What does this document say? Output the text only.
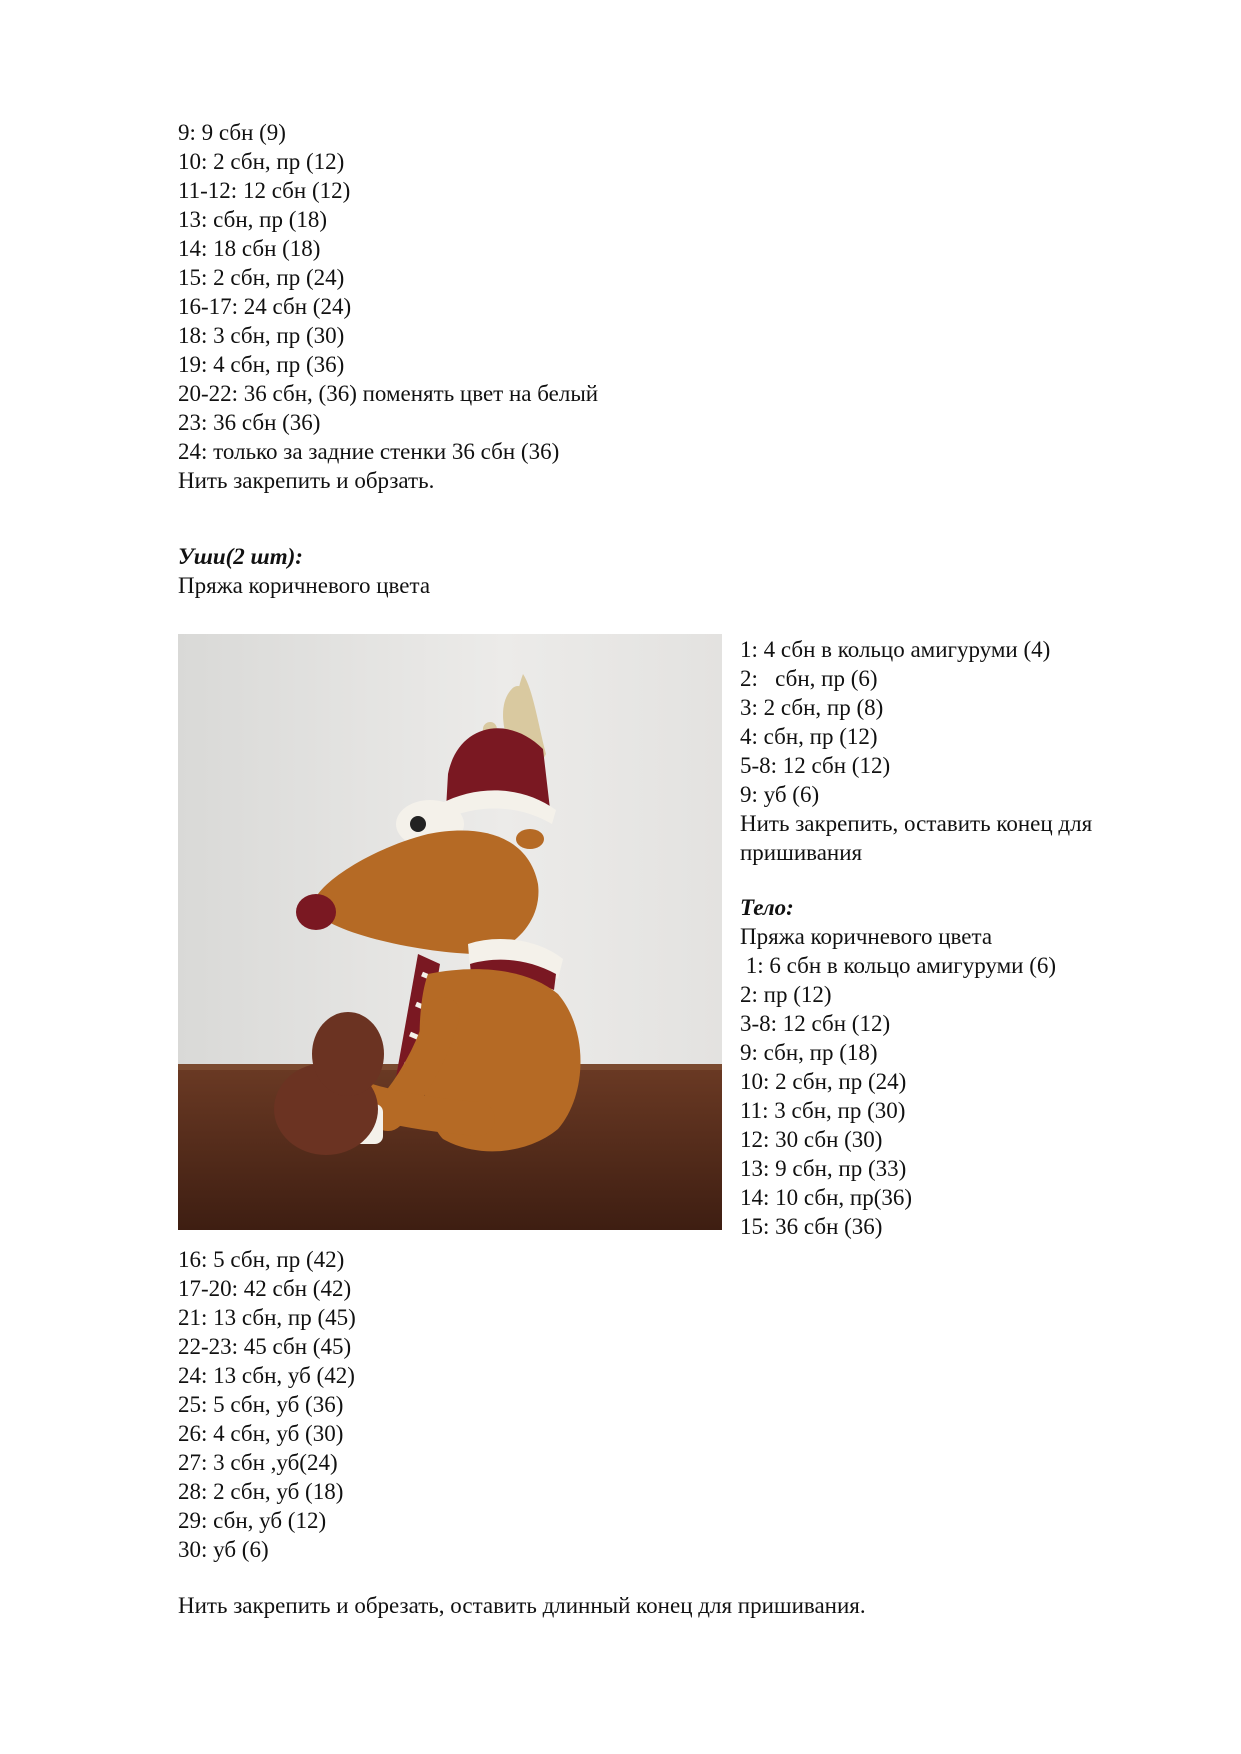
9: 9 сбн (9)
10: 2 сбн, пр (12)
11-12: 12 сбн (12)
13: сбн, пр (18)
14: 18 сбн (18)
15: 2 сбн, пр (24)
16-17: 24 сбн (24)
18: 3 сбн, пр (30)
19: 4 сбн, пр (36)
20-22: 36 сбн, (36) поменять цвет на белый
23: 36 сбн (36)
24: только за задние стенки 36 сбн (36)
Нить закрепить и обрзать.
Уши(2 шт):
Пряжа коричневого цвета
1: 4 сбн в кольцо амигуруми (4)
2:   сбн, пр (6)
3: 2 сбн, пр (8)
4: сбн, пр (12)
5-8: 12 сбн (12)
9: уб (6)
Нить закрепить, оставить конец для
пришивания
Тело:
Пряжа коричневого цвета
1: 6 сбн в кольцо амигуруми (6)
2: пр (12)
3-8: 12 сбн (12)
9: сбн, пр (18)
10: 2 сбн, пр (24)
11: 3 сбн, пр (30)
12: 30 сбн (30)
13: 9 сбн, пр (33)
14: 10 сбн, пр(36)
15: 36 сбн (36)
16: 5 сбн, пр (42)
17-20: 42 сбн (42)
21: 13 сбн, пр (45)
22-23: 45 сбн (45)
24: 13 сбн, уб (42)
25: 5 сбн, уб (36)
26: 4 сбн, уб (30)
27: 3 сбн ,уб(24)
28: 2 сбн, уб (18)
29: сбн, уб (12)
30: уб (6)
Нить закрепить и обрезать, оставить длинный конец для пришивания.
